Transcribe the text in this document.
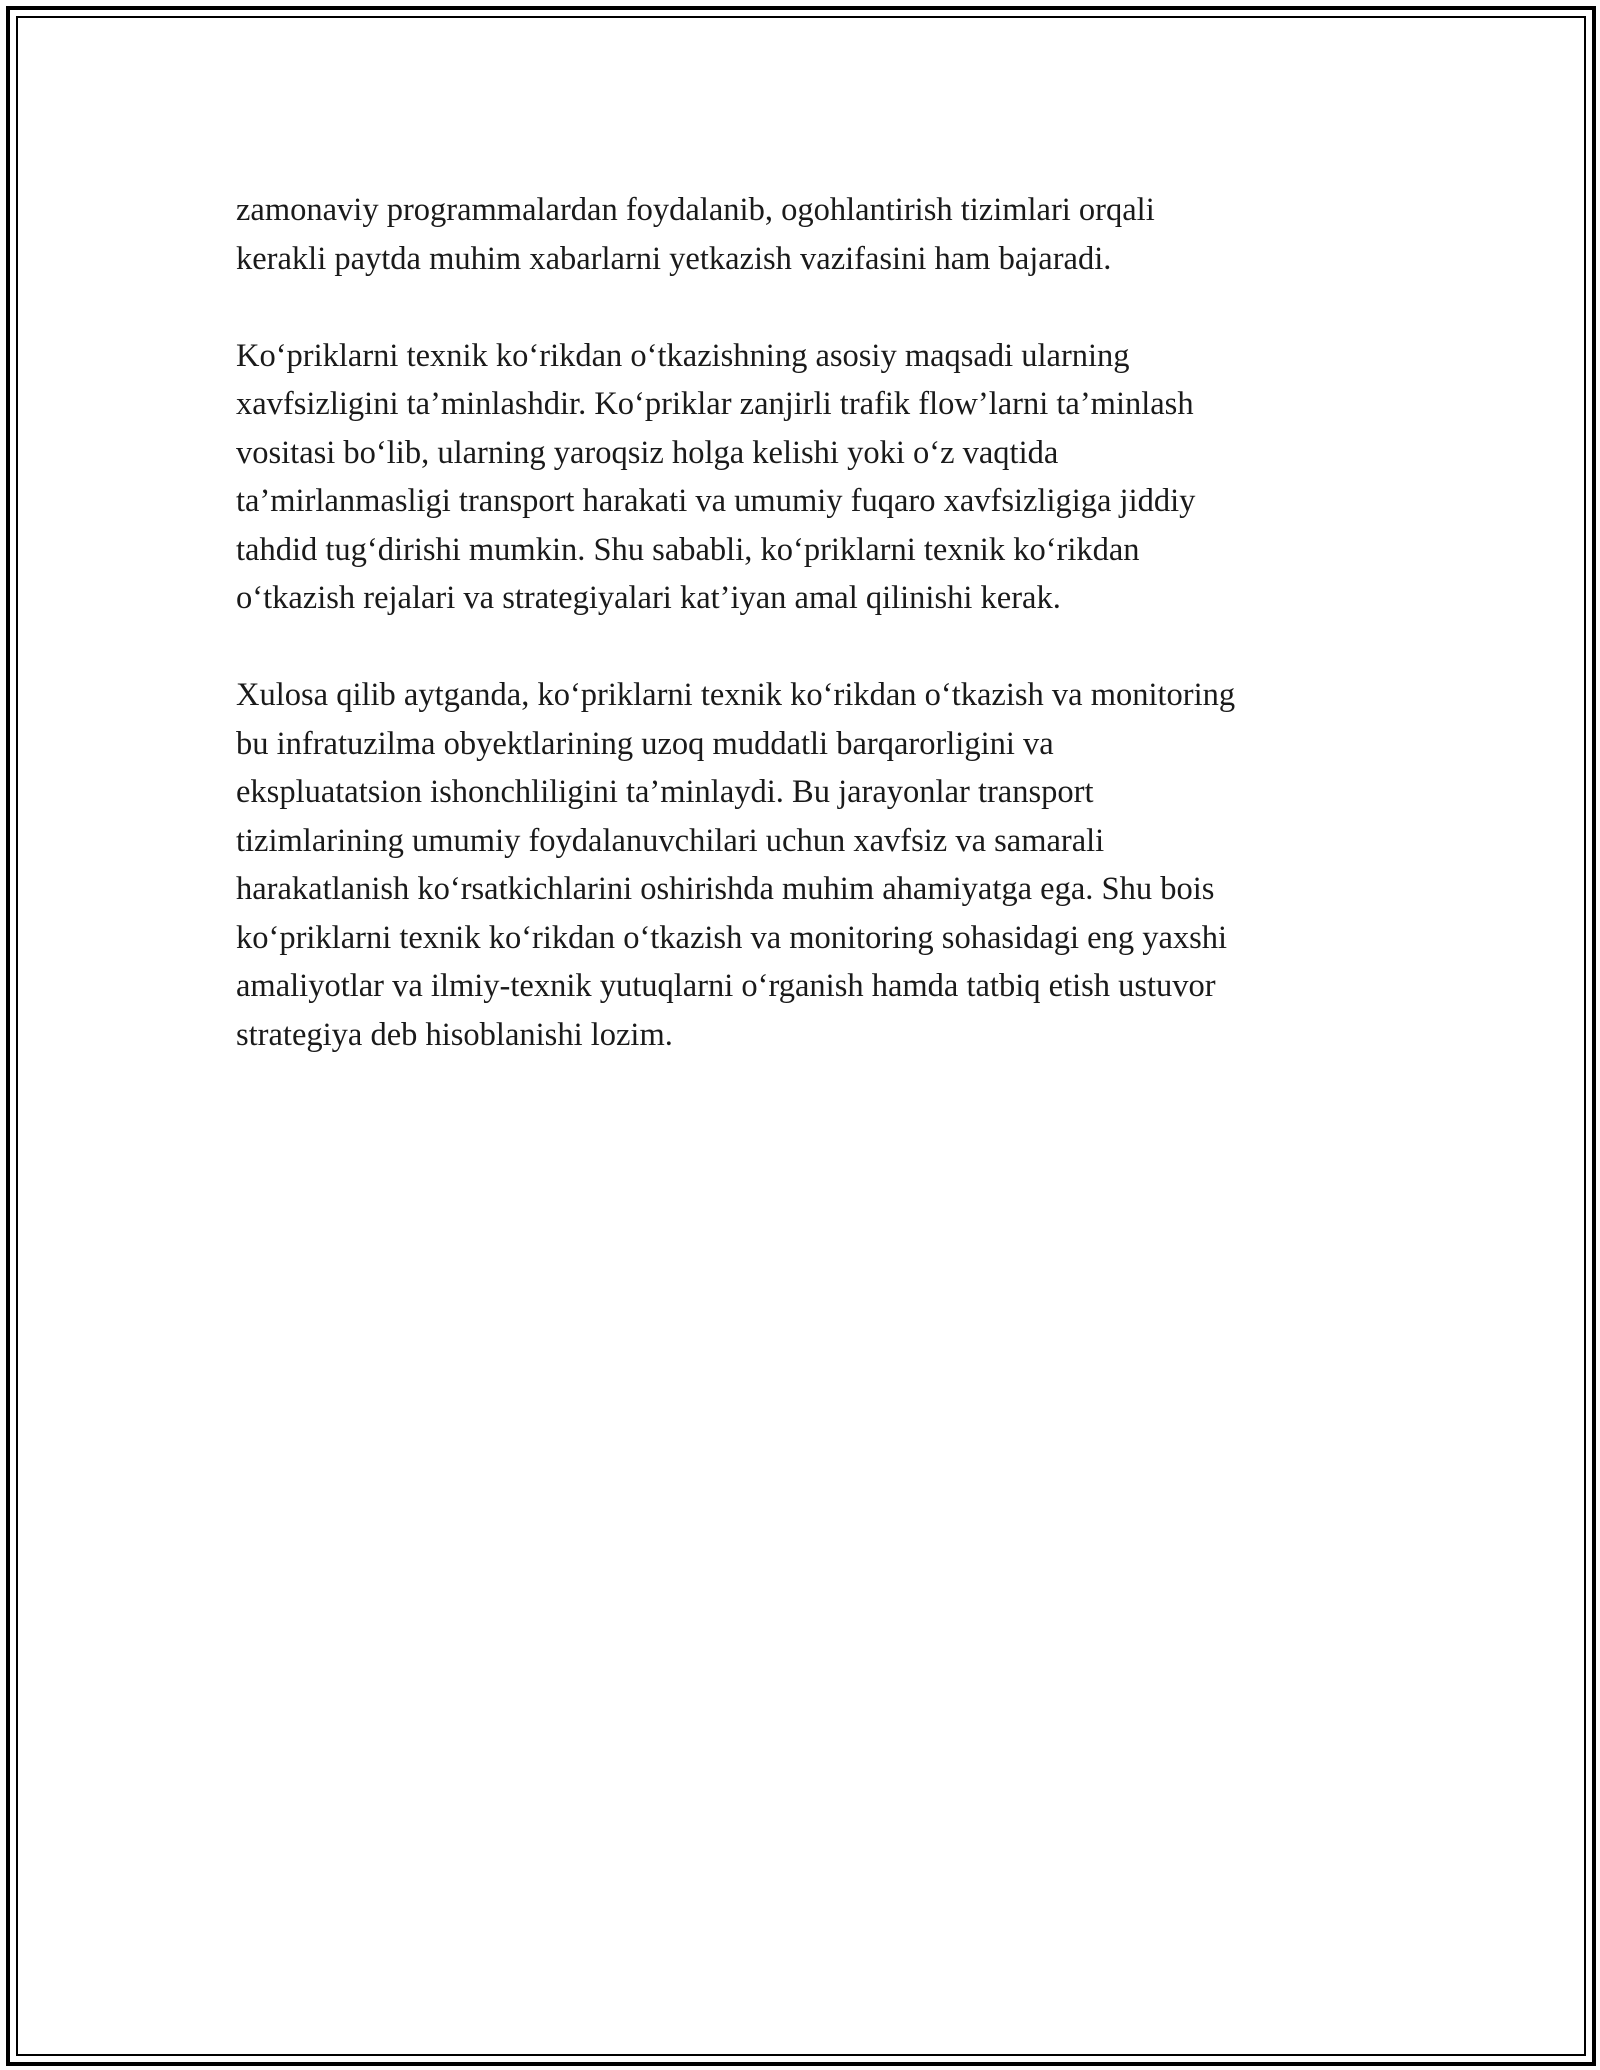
zamonaviy programmalardan foydalanib, ogohlantirish tizimlari orqali
kerakli paytda muhim xabarlarni yetkazish vazifasini ham bajaradi.

Ko‘priklarni texnik ko‘rikdan o‘tkazishning asosiy maqsadi ularning
xavfsizligini ta’minlashdir. Ko‘priklar zanjirli trafik flow’larni ta’minlash
vositasi bo‘lib, ularning yaroqsiz holga kelishi yoki o‘z vaqtida
ta’mirlanmasligi transport harakati va umumiy fuqaro xavfsizligiga jiddiy
tahdid tug‘dirishi mumkin. Shu sababli, ko‘priklarni texnik ko‘rikdan
o‘tkazish rejalari va strategiyalari kat’iyan amal qilinishi kerak.

Xulosa qilib aytganda, ko‘priklarni texnik ko‘rikdan o‘tkazish va monitoring
bu infratuzilma obyektlarining uzoq muddatli barqarorligini va
ekspluatatsion ishonchliligini ta’minlaydi. Bu jarayonlar transport
tizimlarining umumiy foydalanuvchilari uchun xavfsiz va samarali
harakatlanish ko‘rsatkichlarini oshirishda muhim ahamiyatga ega. Shu bois
ko‘priklarni texnik ko‘rikdan o‘tkazish va monitoring sohasidagi eng yaxshi
amaliyotlar va ilmiy-texnik yutuqlarni o‘rganish hamda tatbiq etish ustuvor
strategiya deb hisoblanishi lozim.
